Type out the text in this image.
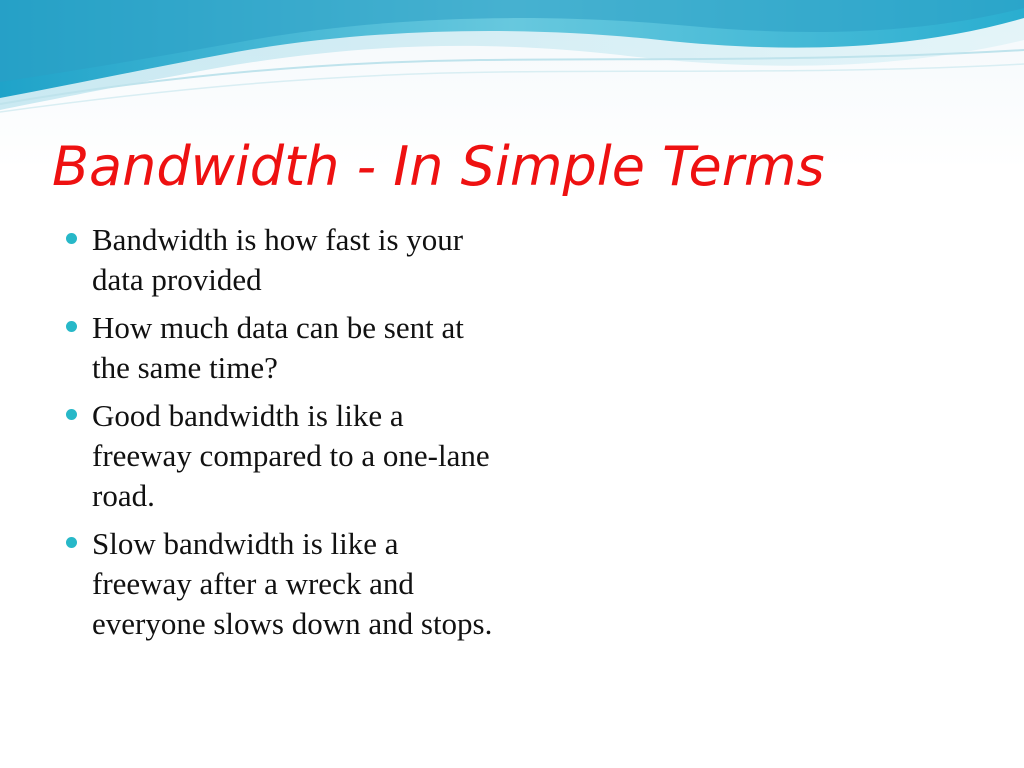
Bandwidth - In Simple Terms
Bandwidth is how fast is your data provided
How much data can be sent at the same time?
Good bandwidth is like a freeway compared to a one-lane road.
Slow bandwidth is like a freeway after a wreck and everyone slows down and stops.
